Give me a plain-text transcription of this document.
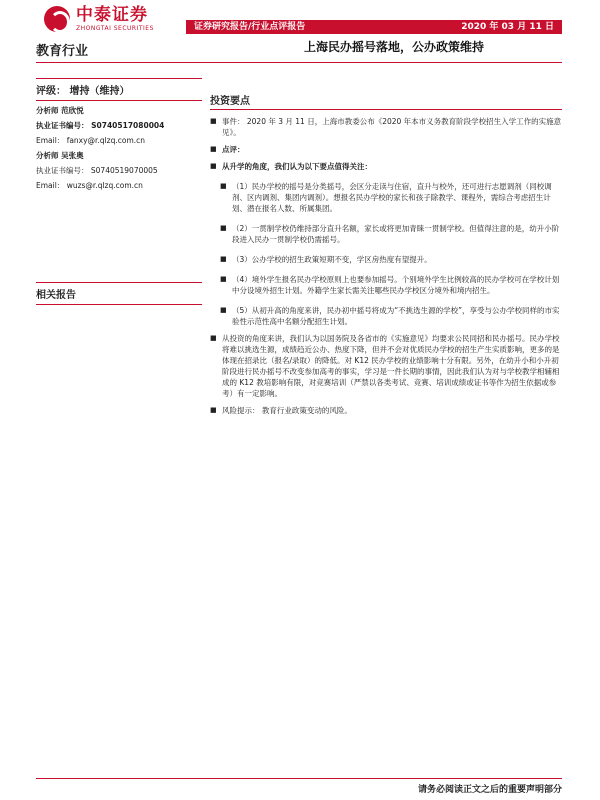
中泰证券
ZHONGTAI SECURITIES	证券研究报告/行业点评报告	2020 年 03 月 11 日
教育行业	上海民办摇号落地，公办政策维持
评级： 增持（维持）
分析师 范欣悦
执业证书编号： S0740517080004
Email： fanxy@r.qlzq.com.cn
分析师 吴张奥
执业证书编号： S0740519070005
Email： wuzs@r.qlzq.com.cn
相关报告
投资要点
■ 事件： 2020 年 3 月 11 日，上海市教委公布《2020 年本市义务教育阶段学校招生入学工作的实施意见》。
■ 点评：
■ 从升学的角度，我们认为以下要点值得关注：
■ （1）民办学校的摇号是分类摇号，会区分走读与住宿，直升与校外，还可进行志愿调剂（同校调剂、区内调剂、集团内调剂）。想报名民办学校的家长和孩子除教学、课程外，需综合考虑招生计划、潜在报名人数、所属集团。
■ （2）一贯制学校仍维持部分直升名额，家长或将更加青睐一贯制学校。但值得注意的是，幼升小阶段进入民办一贯制学校仍需摇号。
■ （3）公办学校的招生政策短期不变，学区房热度有望提升。
■ （4）境外学生报名民办学校原则上也要参加摇号。个别境外学生比例较高的民办学校可在学校计划中分设境外招生计划。外籍学生家长需关注哪些民办学校区分境外和境内招生。
■ （5）从初升高的角度来讲，民办初中摇号将成为“不挑选生源的学校”，享受与公办学校同样的市实验性示范性高中名额分配招生计划。
■ 从投资的角度来讲，我们认为以国务院及各省市的《实施意见》均要求公民同招和民办摇号。民办学校将难以挑选生源，成绩趋近公办、热度下降，但并不会对优质民办学校的招生产生实质影响，更多的是体现在招录比（报名/录取）的降低。对 K12 民办学校的业绩影响十分有限。另外，在幼升小和小升初阶段进行民办摇号不改变参加高考的事实，学习是一件长期的事情，因此我们认为对与学校教学相辅相成的 K12 教培影响有限，对竞赛培训（严禁以各类考试、竞赛、培训成绩或证书等作为招生依据或参考）有一定影响。
■ 风险提示： 教育行业政策变动的风险。
请务必阅读正文之后的重要声明部分
